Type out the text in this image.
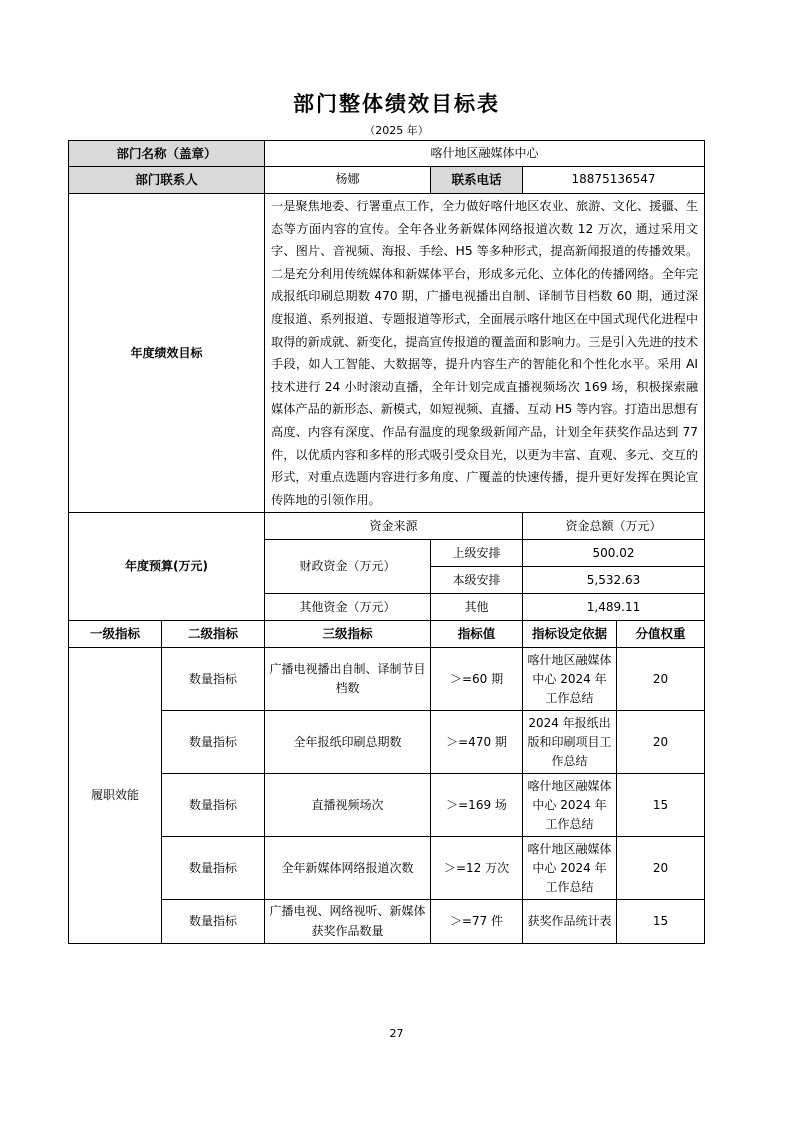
部门整体绩效目标表
（2025 年）
部门名称（盖章）		喀什地区融媒体中心			
部门联系人		杨娜	联系电话	18875136547	
年度绩效目标		一是聚焦地委、行署重点工作，全力做好喀什地区农业、旅游、文化、援疆、生态等方面内容的宣传。全年各业务新媒体网络报道次数 12 万次，通过采用文字、图片、音视频、海报、手绘、H5 等多种形式，提高新闻报道的传播效果。二是充分利用传统媒体和新媒体平台，形成多元化、立体化的传播网络。全年完成报纸印刷总期数 470 期，广播电视播出自制、译制节目档数 60 期，通过深度报道、系列报道、专题报道等形式，全面展示喀什地区在中国式现代化进程中取得的新成就、新变化，提高宣传报道的覆盖面和影响力。三是引入先进的技术手段，如人工智能、大数据等，提升内容生产的智能化和个性化水平。采用 AI 技术进行 24 小时滚动直播，全年计划完成直播视频场次 169 场，积极探索融媒体产品的新形态、新模式，如短视频、直播、互动 H5 等内容。打造出思想有高度、内容有深度、作品有温度的现象级新闻产品，计划全年获奖作品达到 77 件，以优质内容和多样的形式吸引受众目光，以更为丰富、直观、多元、交互的形式，对重点选题内容进行多角度、广覆盖的快速传播，提升更好发挥在舆论宣传阵地的引领作用。			
年度预算(万元)		资金来源		资金总额（万元）	
		财政资金（万元）	上级安排	500.02	
			本级安排	5,532.63	
		其他资金（万元）	其他	1,489.11	
一级指标	二级指标	三级指标	指标值	指标设定依据	分值权重
履职效能	数量指标	广播电视播出自制、译制节目档数	＞=60 期	喀什地区融媒体中心 2024 年工作总结	20
	数量指标	全年报纸印刷总期数	＞=470 期	2024 年报纸出版和印刷项目工作总结	20
	数量指标	直播视频场次	＞=169 场	喀什地区融媒体中心 2024 年工作总结	15
	数量指标	全年新媒体网络报道次数	＞=12 万次	喀什地区融媒体中心 2024 年工作总结	20
	数量指标	广播电视、网络视听、新媒体获奖作品数量	＞=77 件	获奖作品统计表	15
27
